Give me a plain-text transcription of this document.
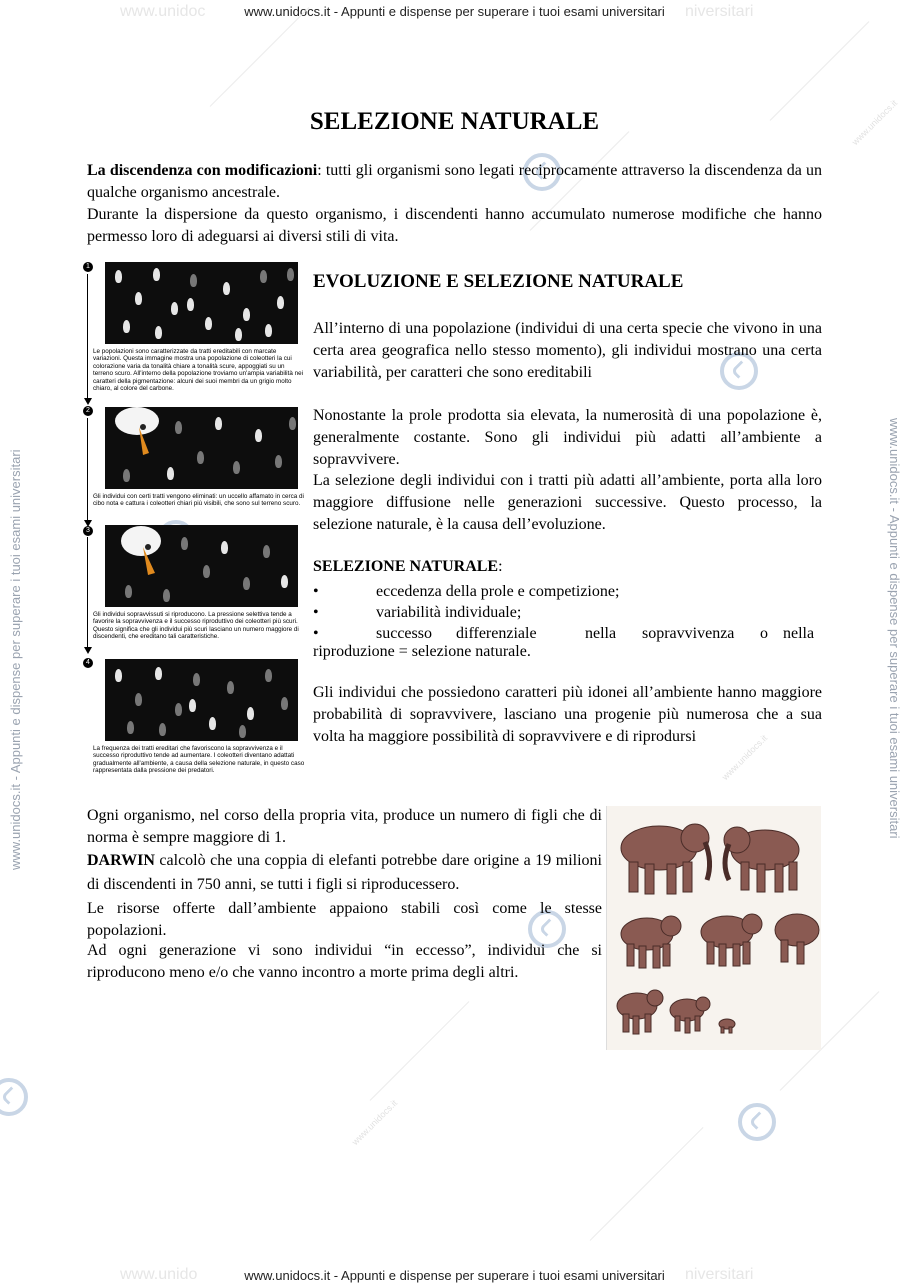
www.unidocs.it - Appunti e dispense per superare i tuoi esami universitari
www.unidoc	niversitari
www.unidocs.it - Appunti e dispense per superare i tuoi esami universitari
www.unido	niversitari
www.unidocs.it - Appunti e dispense per superare i tuoi esami universitari	www.unidocs.it - Appunti e dispense per superare i tuoi esami universitari
www.unidocs.it
www.unidocs.it
www.unidocs.it
SELEZIONE NATURALE
La discendenza con modificazioni: tutti gli organismi sono legati reciprocamente attraverso la discendenza da un qualche organismo ancestrale.
Durante la dispersione da questo organismo, i discendenti hanno accumulato numerose modifiche che hanno permesso loro di adeguarsi ai diversi stili di vita.
1
Le popolazioni sono caratterizzate da tratti ereditabili con marcate variazioni. Questa immagine mostra una popolazione di coleotteri la cui colorazione varia da tonalità chiare a tonalità scure, appoggiati su un terreno scuro. All'interno della popolazione troviamo un'ampia variabilità nei caratteri della pigmentazione: alcuni dei suoi membri da un grigio molto chiaro, al colore del carbone.
2
Gli individui con certi tratti vengono eliminati: un uccello affamato in cerca di cibo nota e cattura i coleotteri chiari più visibili, che sono sul terreno scuro.
3
Gli individui sopravvissuti si riproducono. La pressione selettiva tende a favorire la sopravvivenza e il successo riproduttivo dei coleotteri più scuri. Questo significa che gli individui più scuri lasciano un numero maggiore di discendenti, che ereditano tali caratteristiche.
4
La frequenza dei tratti ereditari che favoriscono la sopravvivenza e il successo riproduttivo tende ad aumentare. I coleotteri diventano adattati gradualmente all'ambiente, a causa della selezione naturale, in questo caso rappresentata dalla pressione dei predatori.
EVOLUZIONE E SELEZIONE NATURALE
All’interno di una popolazione (individui di una certa specie che vivono in una certa area geografica nello stesso momento), gli individui mostrano una certa variabilità, per caratteri che sono ereditabili
Nonostante la prole prodotta sia elevata, la numerosità di una popolazione è, generalmente costante. Sono gli individui più adatti all’ambiente a sopravvivere.
La selezione degli individui con i tratti più adatti all’ambiente, porta alla loro maggiore diffusione nelle generazioni successive. Questo processo, la selezione naturale, è la causa dell’evoluzione.
SELEZIONE NATURALE:
•	eccedenza della prole e competizione;
•	variabilità individuale;
•	successo differenziale	nella sopravvivenza o nella
riproduzione = selezione naturale.
Gli individui che possiedono caratteri più idonei all’ambiente hanno maggiore probabilità di sopravvivere, lasciano una progenie più numerosa che a sua volta ha maggiore possibilità di sopravvivere e di riprodursi
Ogni organismo, nel corso della propria vita, produce un numero di figli che di norma è sempre maggiore di 1.
DARWIN calcolò che una coppia di elefanti potrebbe dare origine a 19 milioni di discendenti in 750 anni, se tutti i figli si riproducessero.
Le risorse offerte dall’ambiente appaiono stabili così come le stesse popolazioni.
Ad ogni generazione vi sono individui “in eccesso”, individui che si riproducono meno e/o che vanno incontro a morte prima degli altri.
